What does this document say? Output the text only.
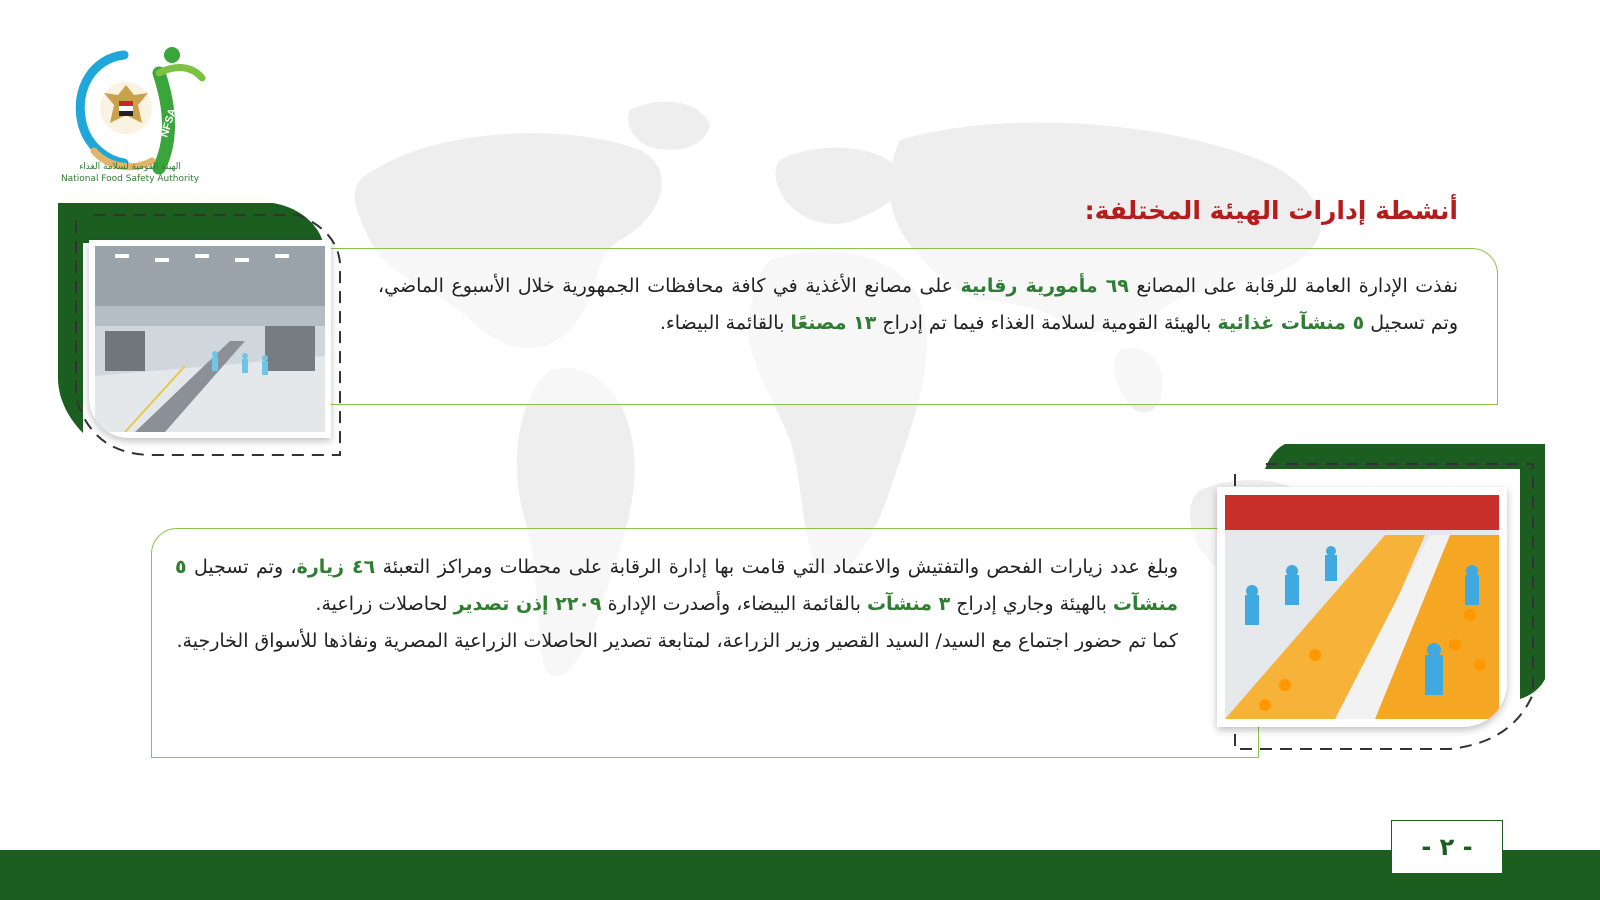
NFSA
الهيئة القومية لسلامة الغذاء
National Food Safety Authority
أنشطة إدارات الهيئة المختلفة:
نفذت الإدارة العامة للرقابة على المصانع ٦٩ مأمورية رقابية على مصانع الأغذية في كافة محافظات الجمهورية خلال الأسبوع الماضي، وتم تسجيل ٥ منشآت غذائية بالهيئة القومية لسلامة الغذاء فيما تم إدراج ١٣ مصنعًا بالقائمة البيضاء.
وبلغ عدد زيارات الفحص والتفتيش والاعتماد التي قامت بها إدارة الرقابة على محطات ومراكز التعبئة ٤٦ زيارة، وتم تسجيل ٥ منشآت بالهيئة وجاري إدراج ٣ منشآت بالقائمة البيضاء، وأصدرت الإدارة ٢٢٠٩ إذن تصدير لحاصلات زراعية.
كما تم حضور اجتماع مع السيد/ السيد القصير وزير الزراعة، لمتابعة تصدير الحاصلات الزراعية المصرية ونفاذها للأسواق الخارجية.
- ٢ -
